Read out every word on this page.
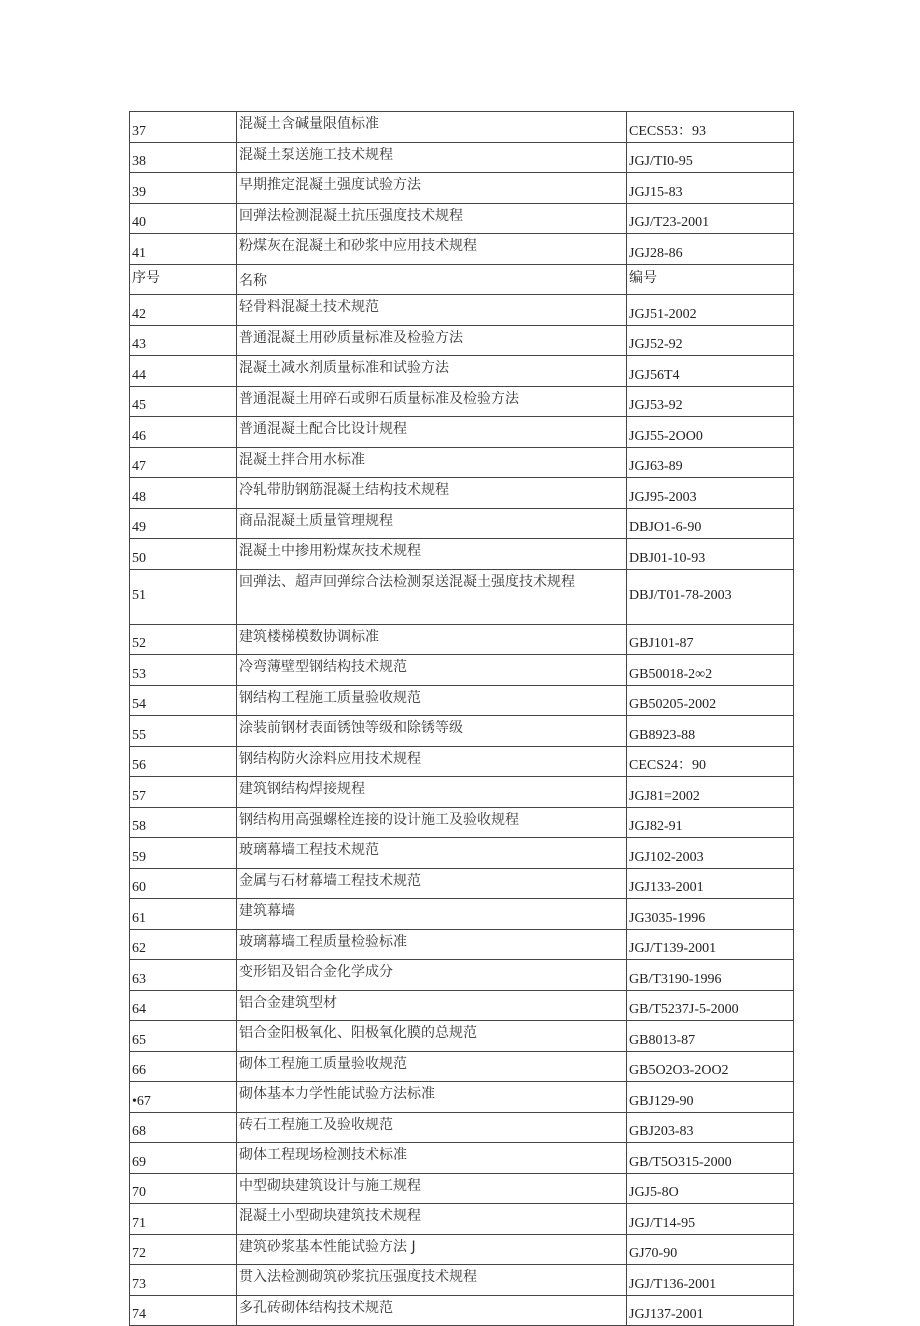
37	混凝土含碱量限值标准	CECS53：93
38	混凝土泵送施工技术规程	JGJ/TI0-95
39	早期推定混凝土强度试验方法	JGJ15-83
40	回弹法检测混凝土抗压强度技术规程	JGJ/T23-2001
41	粉煤灰在混凝土和砂浆中应用技术规程	JGJ28-86
序号	名称	编号
42	轻骨料混凝土技术规范	JGJ51-2002
43	普通混凝土用砂质量标准及检验方法	JGJ52-92
44	混凝土减水剂质量标准和试验方法	JGJ56T4
45	普通混凝土用碎石或卵石质量标准及检验方法	JGJ53-92
46	普通混凝土配合比设计规程	JGJ55-2OO0
47	混凝土拌合用水标准	JGJ63-89
48	冷轧带肋钢筋混凝土结构技术规程	JGJ95-2003
49	商品混凝土质量管理规程	DBJO1-6-90
50	混凝土中掺用粉煤灰技术规程	DBJ01-10-93
51	回弹法、超声回弹综合法检测泵送混凝土强度技术规程	DBJ/T01-78-2003
52	建筑楼梯模数协调标准	GBJ101-87
53	冷弯薄壁型钢结构技术规范	GB50018-2∞2
54	钢结构工程施工质量验收规范	GB50205-2002
55	涂装前钢材表面锈蚀等级和除锈等级	GB8923-88
56	钢结构防火涂料应用技术规程	CECS24：90
57	建筑钢结构焊接规程	JGJ81=2002
58	钢结构用高强螺栓连接的设计施工及验收规程	JGJ82-91
59	玻璃幕墙工程技术规范	JGJ102-2003
60	金属与石材幕墙工程技术规范	JGJ133-2001
61	建筑幕墙	JG3035-1996
62	玻璃幕墙工程质量检验标准	JGJ/T139-2001
63	变形铝及铝合金化学成分	GB/T3190-1996
64	铝合金建筑型材	GB/T5237J-5-2000
65	铝合金阳极氧化、阳极氧化膜的总规范	GB8013-87
66	砌体工程施工质量验收规范	GB5O2O3-2OO2
•67	砌体基本力学性能试验方法标准	GBJ129-90
68	砖石工程施工及验收规范	GBJ203-83
69	砌体工程现场检测技术标准	GB/T5O315-2000
70	中型砌块建筑设计与施工规程	JGJ5-8O
71	混凝土小型砌块建筑技术规程	JGJ/T14-95
72	建筑砂浆基本性能试验方法 J	GJ70-90
73	贯入法检测砌筑砂浆抗压强度技术规程	JGJ/T136-2001
74	多孔砖砌体结构技术规范	JGJ137-2001
